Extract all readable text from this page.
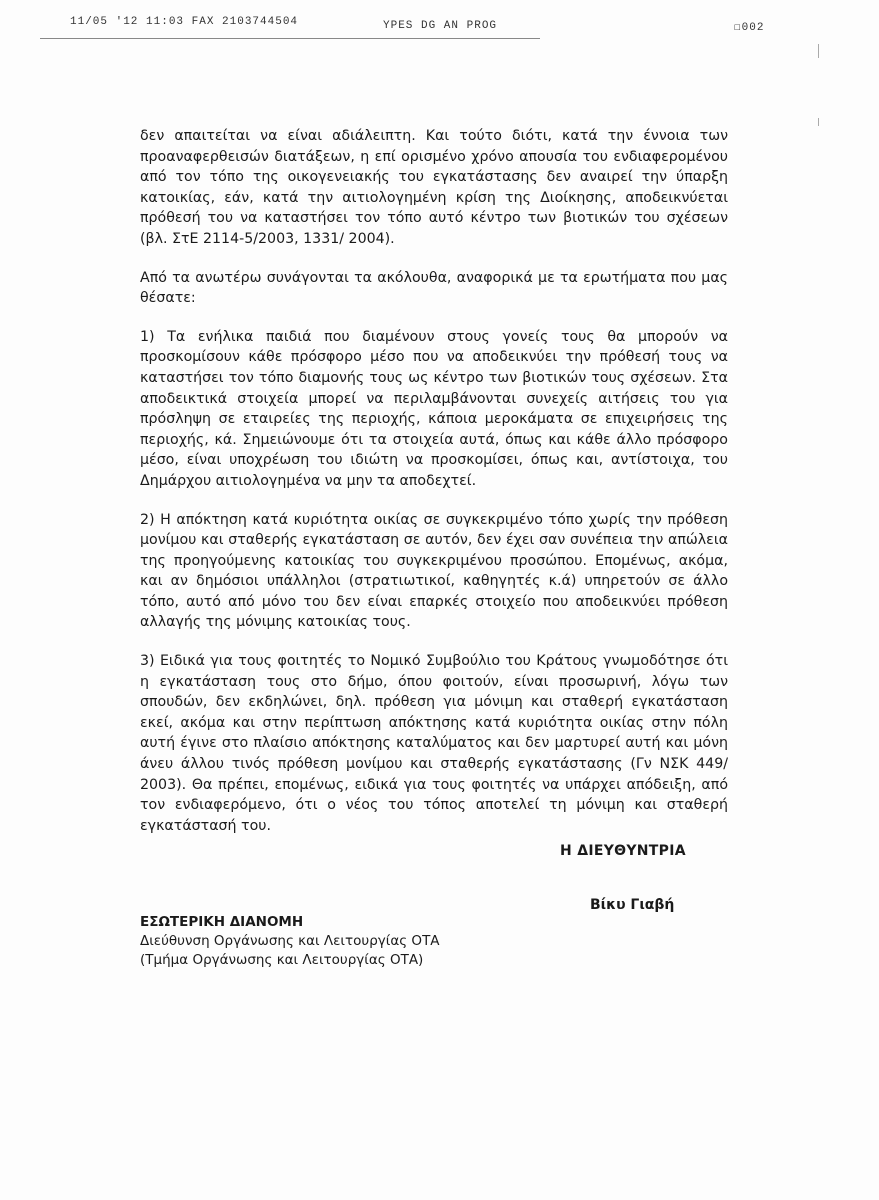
11/05 '12 11:03 FAX 2103744504	YPES DG AN PROG	☐002

δεν απαιτείται να είναι αδιάλειπτη. Και τούτο διότι, κατά την έννοια των προαναφερθεισών διατάξεων, η επί ορισμένο χρόνο απουσία του ενδιαφερομένου από τον τόπο της οικογενειακής του εγκατάστασης δεν αναιρεί την ύπαρξη κατοικίας, εάν, κατά την αιτιολογημένη κρίση της Διοίκησης, αποδεικνύεται πρόθεσή του να καταστήσει τον τόπο αυτό κέντρο των βιοτικών του σχέσεων (βλ. ΣτΕ 2114-5/2003, 1331/ 2004).

Από τα ανωτέρω συνάγονται τα ακόλουθα, αναφορικά με τα ερωτήματα που μας θέσατε:

1) Τα ενήλικα παιδιά που διαμένουν στους γονείς τους θα μπορούν να προσκομίσουν κάθε πρόσφορο μέσο που να αποδεικνύει την πρόθεσή τους να καταστήσει τον τόπο διαμονής τους ως κέντρο των βιοτικών τους σχέσεων. Στα αποδεικτικά στοιχεία μπορεί να περιλαμβάνονται συνεχείς αιτήσεις του για πρόσληψη σε εταιρείες της περιοχής, κάποια μεροκάματα σε επιχειρήσεις της περιοχής, κά. Σημειώνουμε ότι τα στοιχεία αυτά, όπως και κάθε άλλο πρόσφορο μέσο, είναι υποχρέωση του ιδιώτη να προσκομίσει, όπως και, αντίστοιχα, του Δημάρχου αιτιολογημένα να μην τα αποδεχτεί.

2) Η απόκτηση κατά κυριότητα οικίας σε συγκεκριμένο τόπο χωρίς την πρόθεση μονίμου και σταθερής εγκατάσταση σε αυτόν, δεν έχει σαν συνέπεια την απώλεια της προηγούμενης κατοικίας του συγκεκριμένου προσώπου. Επομένως, ακόμα, και αν δημόσιοι υπάλληλοι (στρατιωτικοί, καθηγητές κ.ά) υπηρετούν σε άλλο τόπο, αυτό από μόνο του δεν είναι επαρκές στοιχείο που αποδεικνύει πρόθεση αλλαγής της μόνιμης κατοικίας τους.

3) Ειδικά για τους φοιτητές το Νομικό Συμβούλιο του Κράτους γνωμοδότησε ότι η εγκατάσταση τους στο δήμο, όπου φοιτούν, είναι προσωρινή, λόγω των σπουδών, δεν εκδηλώνει, δηλ. πρόθεση για μόνιμη και σταθερή εγκατάσταση εκεί, ακόμα και στην περίπτωση απόκτησης κατά κυριότητα οικίας στην πόλη αυτή έγινε στο πλαίσιο απόκτησης καταλύματος και δεν μαρτυρεί αυτή και μόνη άνευ άλλου τινός πρόθεση μονίμου και σταθερής εγκατάστασης (Γν ΝΣΚ 449/ 2003). Θα πρέπει, επομένως, ειδικά για τους φοιτητές να υπάρχει απόδειξη, από τον ενδιαφερόμενο, ότι ο νέος του τόπος αποτελεί τη μόνιμη και σταθερή εγκατάστασή του.

Η ΔΙΕΥΘΥΝΤΡΙΑ
Βίκυ Γιαβή
ΕΣΩΤΕΡΙΚΗ ΔΙΑΝΟΜΗ
Διεύθυνση Οργάνωσης και Λειτουργίας ΟΤΑ
(Τμήμα Οργάνωσης και Λειτουργίας ΟΤΑ)
